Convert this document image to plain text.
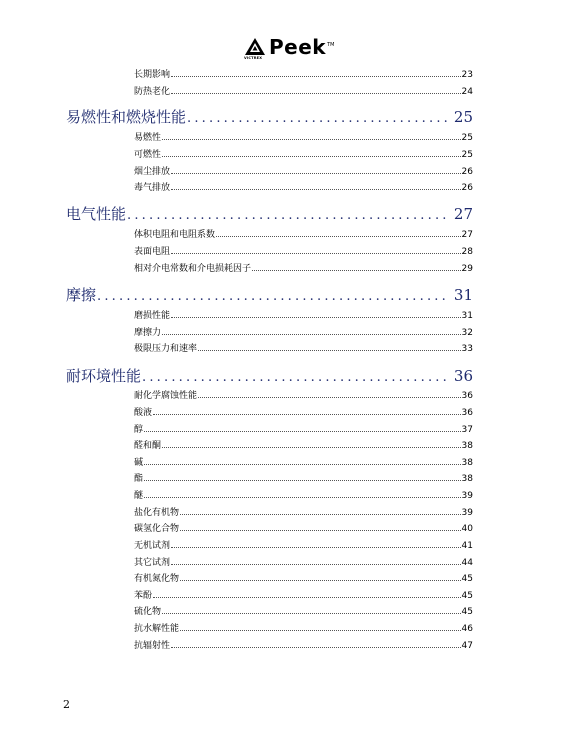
VICTREX Peek TM
长期影响	23
防热老化	24
易燃性和燃烧性能 .....	25
易燃性	25
可燃性	25
烟尘排放	26
毒气排放	26
电气性能 .....	27
体积电阻和电阻系数	27
表面电阻	28
相对介电常数和介电损耗因子	29
摩擦 .....	31
磨损性能	31
摩擦力	32
极限压力和速率	33
耐环境性能 .....	36
耐化学腐蚀性能	36
酸液	36
醇	37
醛和酮	38
碱	38
酯	38
醚	39
盐化有机物	39
碳氢化合物	40
无机试剂	41
其它试剂	44
有机氮化物	45
苯酚	45
硫化物	45
抗水解性能	46
抗辐射性	47
2
